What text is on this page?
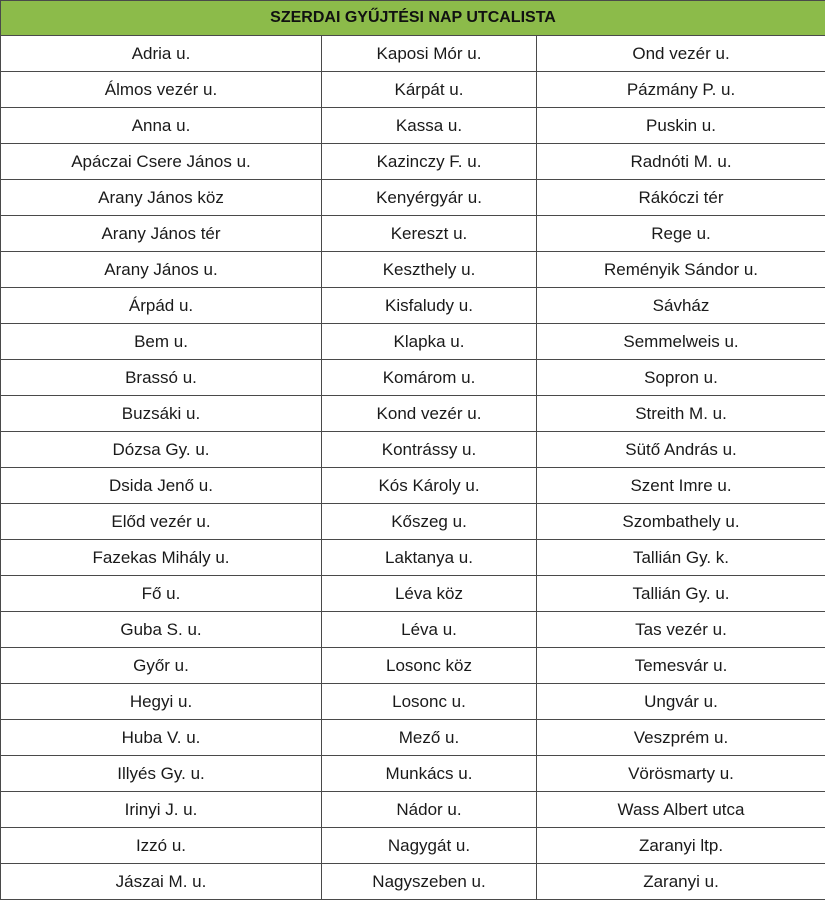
SZERDAI GYŰJTÉSI NAP UTCALISTA		
Adria u.	Kaposi Mór u.	Ond vezér u.
Álmos vezér u.	Kárpát u.	Pázmány P. u.
Anna u.	Kassa u.	Puskin u.
Apáczai Csere János u.	Kazinczy F. u.	Radnóti M. u.
Arany János köz	Kenyérgyár u.	Rákóczi tér
Arany János tér	Kereszt u.	Rege u.
Arany János u.	Keszthely u.	Reményik Sándor u.
Árpád u.	Kisfaludy u.	Sávház
Bem u.	Klapka u.	Semmelweis u.
Brassó u.	Komárom u.	Sopron u.
Buzsáki u.	Kond vezér u.	Streith M. u.
Dózsa Gy. u.	Kontrássy u.	Sütő András u.
Dsida Jenő u.	Kós Károly u.	Szent Imre u.
Előd vezér u.	Kőszeg u.	Szombathely u.
Fazekas Mihály u.	Laktanya u.	Tallián Gy. k.
Fő u.	Léva köz	Tallián Gy. u.
Guba S. u.	Léva u.	Tas vezér u.
Győr u.	Losonc köz	Temesvár u.
Hegyi u.	Losonc u.	Ungvár u.
Huba V. u.	Mező u.	Veszprém u.
Illyés Gy. u.	Munkács u.	Vörösmarty u.
Irinyi J. u.	Nádor u.	Wass Albert utca
Izzó u.	Nagygát u.	Zaranyi ltp.
Jászai M. u.	Nagyszeben u.	Zaranyi u.
